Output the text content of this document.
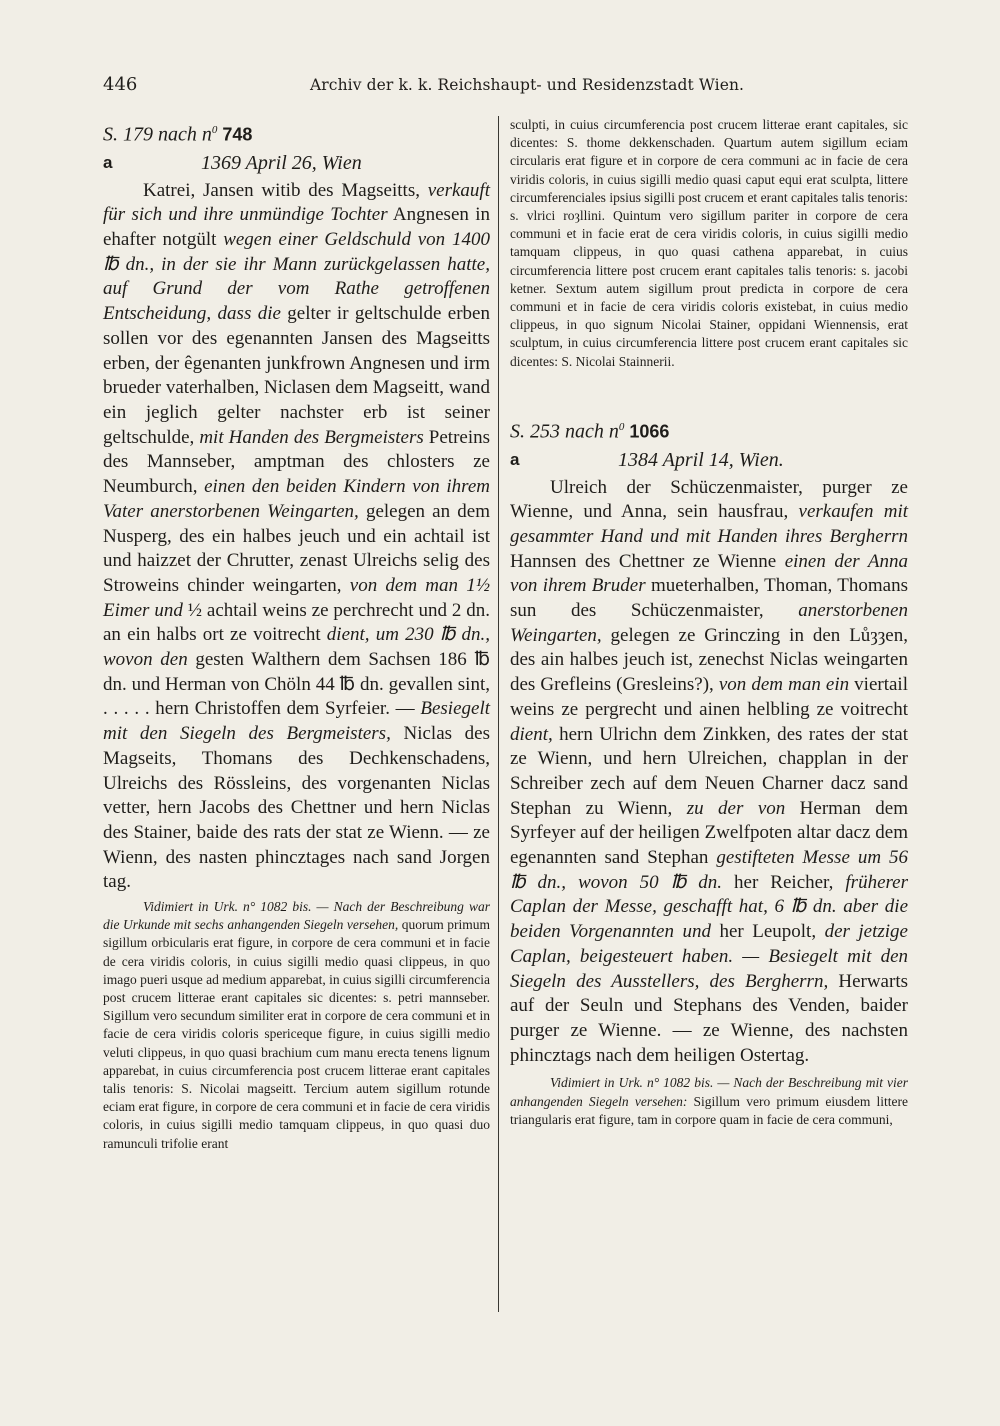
446	Archiv der k. k. Reichshaupt- und Residenzstadt Wien.

S. 179 nach $n^0$ 748

a	1369 April 26, Wien

Katrei, Jansen witib des Magseitts, verkauft für sich und ihre unmündige Tochter Angnesen in ehafter notgült wegen einer Geldschuld von 1400 ℔ dn., in der sie ihr Mann zurückgelassen hatte, auf Grund der vom Rathe getroffenen Entscheidung, dass die gelter ir geltschulde erben sollen vor des egenannten Jansen des Magseitts erben, der êgenanten junkfrown Angnesen und irm brueder vaterhalben, Niclasen dem Magseitt, wand ein jeglich gelter nachster erb ist seiner geltschulde, mit Handen des Bergmeisters Petreins des Mannseber, amptman des chlosters ze Neumburch, einen den beiden Kindern von ihrem Vater anerstorbenen Weingarten, gelegen an dem Nusperg, des ein halbes jeuch und ein achtail ist und haizzet der Chrutter, zenast Ulreichs selig des Stroweins chinder weingarten, von dem man 1½ Eimer und ½ achtail weins ze perchrecht und 2 dn. an ein halbs ort ze voitrecht dient, um 230 ℔ dn., wovon den gesten Walthern dem Sachsen 186 ℔ dn. und Herman von Chöln 44 ℔ dn. gevallen sint, . . . . . hern Christoffen dem Syrfeier. — Besiegelt mit den Siegeln des Bergmeisters, Niclas des Magseits, Thomans des Dechkenschadens, Ulreichs des Rössleins, des vorgenanten Niclas vetter, hern Jacobs des Chettner und hern Niclas des Stainer, baide des rats der stat ze Wienn. — ze Wienn, des nasten phincztages nach sand Jorgen tag.

Vidimiert in Urk. n° 1082 bis. — Nach der Beschreibung war die Urkunde mit sechs anhangenden Siegeln versehen, quorum primum sigillum orbicularis erat figure, in corpore de cera communi et in facie de cera viridis coloris, in cuius sigilli medio quasi clippeus, in quo imago pueri usque ad medium apparebat, in cuius sigilli circumferencia post crucem litterae erant capitales sic dicentes: s. petri mannseber. Sigillum vero secundum similiter erat in corpore de cera communi et in facie de cera viridis coloris spericeque figure, in cuius sigilli medio veluti clippeus, in quo quasi brachium cum manu erecta tenens lignum apparebat, in cuius circumferencia post crucem litterae erant capitales talis tenoris: S. Nicolai magseitt. Tercium autem sigillum rotunde eciam erat figure, in corpore de cera communi et in facie de cera viridis coloris, in cuius sigilli medio tamquam clippeus, in quo quasi duo ramunculi trifolie erant

sculpti, in cuius circumferencia post crucem litterae erant capitales, sic dicentes: S. thome dekkenschaden. Quartum autem sigillum eciam circularis erat figure et in corpore de cera communi ac in facie de cera viridis coloris, in cuius sigilli medio quasi caput equi erat sculpta, littere circumferenciales ipsius sigilli post crucem et erant capitales talis tenoris: s. vlrici roȝllini. Quintum vero sigillum pariter in corpore de cera communi et in facie erat de cera viridis coloris, in cuius sigilli medio tamquam clippeus, in quo quasi cathena apparebat, in cuius circumferencia littere post crucem erant capitales talis tenoris: s. jacobi ketner. Sextum autem sigillum prout predicta in corpore de cera communi et in facie de cera viridis coloris existebat, in cuius medio clippeus, in quo signum Nicolai Stainer, oppidani Wiennensis, erat sculptum, in cuius circumferencia littere post crucem erant capitales sic dicentes: S. Nicolai Stainnerii.

S. 253 nach $n^0$ 1066

a	1384 April 14, Wien.

Ulreich der Schüczenmaister, purger ze Wienne, und Anna, sein hausfrau, verkaufen mit gesammter Hand und mit Handen ihres Bergherrn Hannsen des Chettner ze Wienne einen der Anna von ihrem Bruder mueterhalben, Thoman, Thomans sun des Schüczenmaister, anerstorbenen Weingarten, gelegen ze Grinczing in den Lůȝȝen, des ain halbes jeuch ist, zenechst Niclas weingarten des Grefleins (Gresleins?), von dem man ein viertail weins ze pergrecht und ainen helbling ze voitrecht dient, hern Ulrichn dem Zinkken, des rates der stat ze Wienn, und hern Ulreichen, chapplan in der Schreiber zech auf dem Neuen Charner dacz sand Stephan zu Wienn, zu der von Herman dem Syrfeyer auf der heiligen Zwelfpoten altar dacz dem egenannten sand Stephan gestifteten Messe um 56 ℔ dn., wovon 50 ℔ dn. her Reicher, früherer Caplan der Messe, geschafft hat, 6 ℔ dn. aber die beiden Vorgenannten und her Leupolt, der jetzige Caplan, beigesteuert haben. — Besiegelt mit den Siegeln des Ausstellers, des Bergherrn, Herwarts auf der Seuln und Stephans des Venden, baider purger ze Wienne. — ze Wienne, des nachsten phincztags nach dem heiligen Ostertag.

Vidimiert in Urk. n° 1082 bis. — Nach der Beschreibung mit vier anhangenden Siegeln versehen: Sigillum vero primum eiusdem littere triangularis erat figure, tam in corpore quam in facie de cera communi,
